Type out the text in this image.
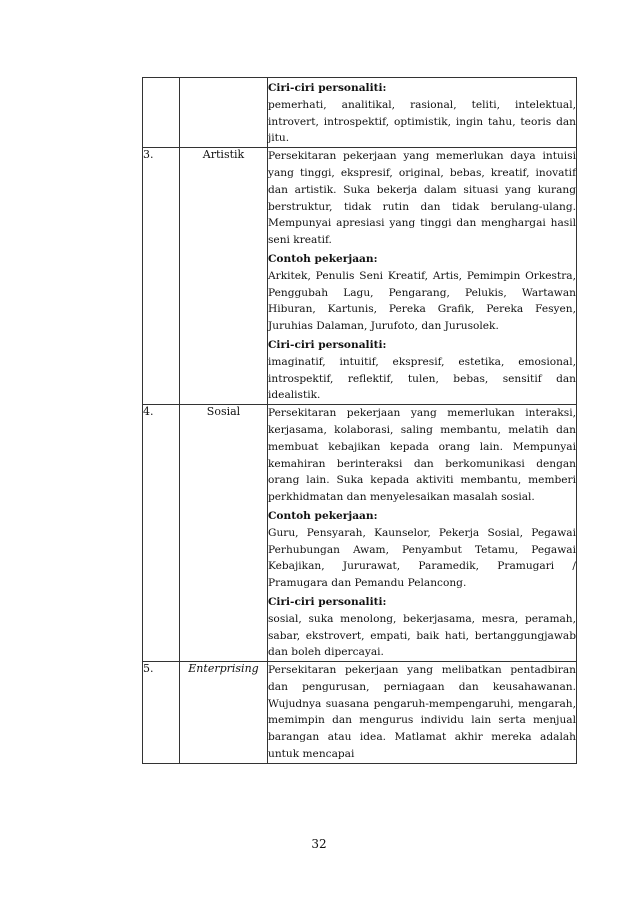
		Ciri-ciri personaliti:
pemerhati, analitikal, rasional, teliti, intelektual, introvert, introspektif, optimistik, ingin tahu, teoris dan jitu.

3.	Artistik	Persekitaran pekerjaan yang memerlukan daya intuisi yang tinggi, ekspresif, original, bebas, kreatif, inovatif dan artistik. Suka bekerja dalam situasi yang kurang berstruktur, tidak rutin dan tidak berulang-ulang. Mempunyai apresiasi yang tinggi dan menghargai hasil seni kreatif.
Contoh pekerjaan:
Arkitek, Penulis Seni Kreatif, Artis, Pemimpin Orkestra, Penggubah Lagu, Pengarang, Pelukis, Wartawan Hiburan, Kartunis, Pereka Grafik, Pereka Fesyen, Juruhias Dalaman, Jurufoto, dan Jurusolek.
Ciri-ciri personaliti:
imaginatif, intuitif, ekspresif, estetika, emosional, introspektif, reflektif, tulen, bebas, sensitif dan idealistik.

4.	Sosial	Persekitaran pekerjaan yang memerlukan interaksi, kerjasama, kolaborasi, saling membantu, melatih dan membuat kebajikan kepada orang lain. Mempunyai kemahiran berinteraksi dan berkomunikasi dengan orang lain. Suka kepada aktiviti membantu, memberi perkhidmatan dan menyelesaikan masalah sosial.
Contoh pekerjaan:
Guru, Pensyarah, Kaunselor, Pekerja Sosial, Pegawai Perhubungan Awam, Penyambut Tetamu, Pegawai Kebajikan, Jururawat, Paramedik, Pramugari / Pramugara dan Pemandu Pelancong.
Ciri-ciri personaliti:
sosial, suka menolong, bekerjasama, mesra, peramah, sabar, ekstrovert, empati, baik hati, bertanggungjawab dan boleh dipercayai.

5.	Enterprising	Persekitaran pekerjaan yang melibatkan pentadbiran dan pengurusan, perniagaan dan keusahawanan. Wujudnya suasana pengaruh-mempengaruhi, mengarah, memimpin dan mengurus individu lain serta menjual barangan atau idea. Matlamat akhir mereka adalah untuk mencapai
32
